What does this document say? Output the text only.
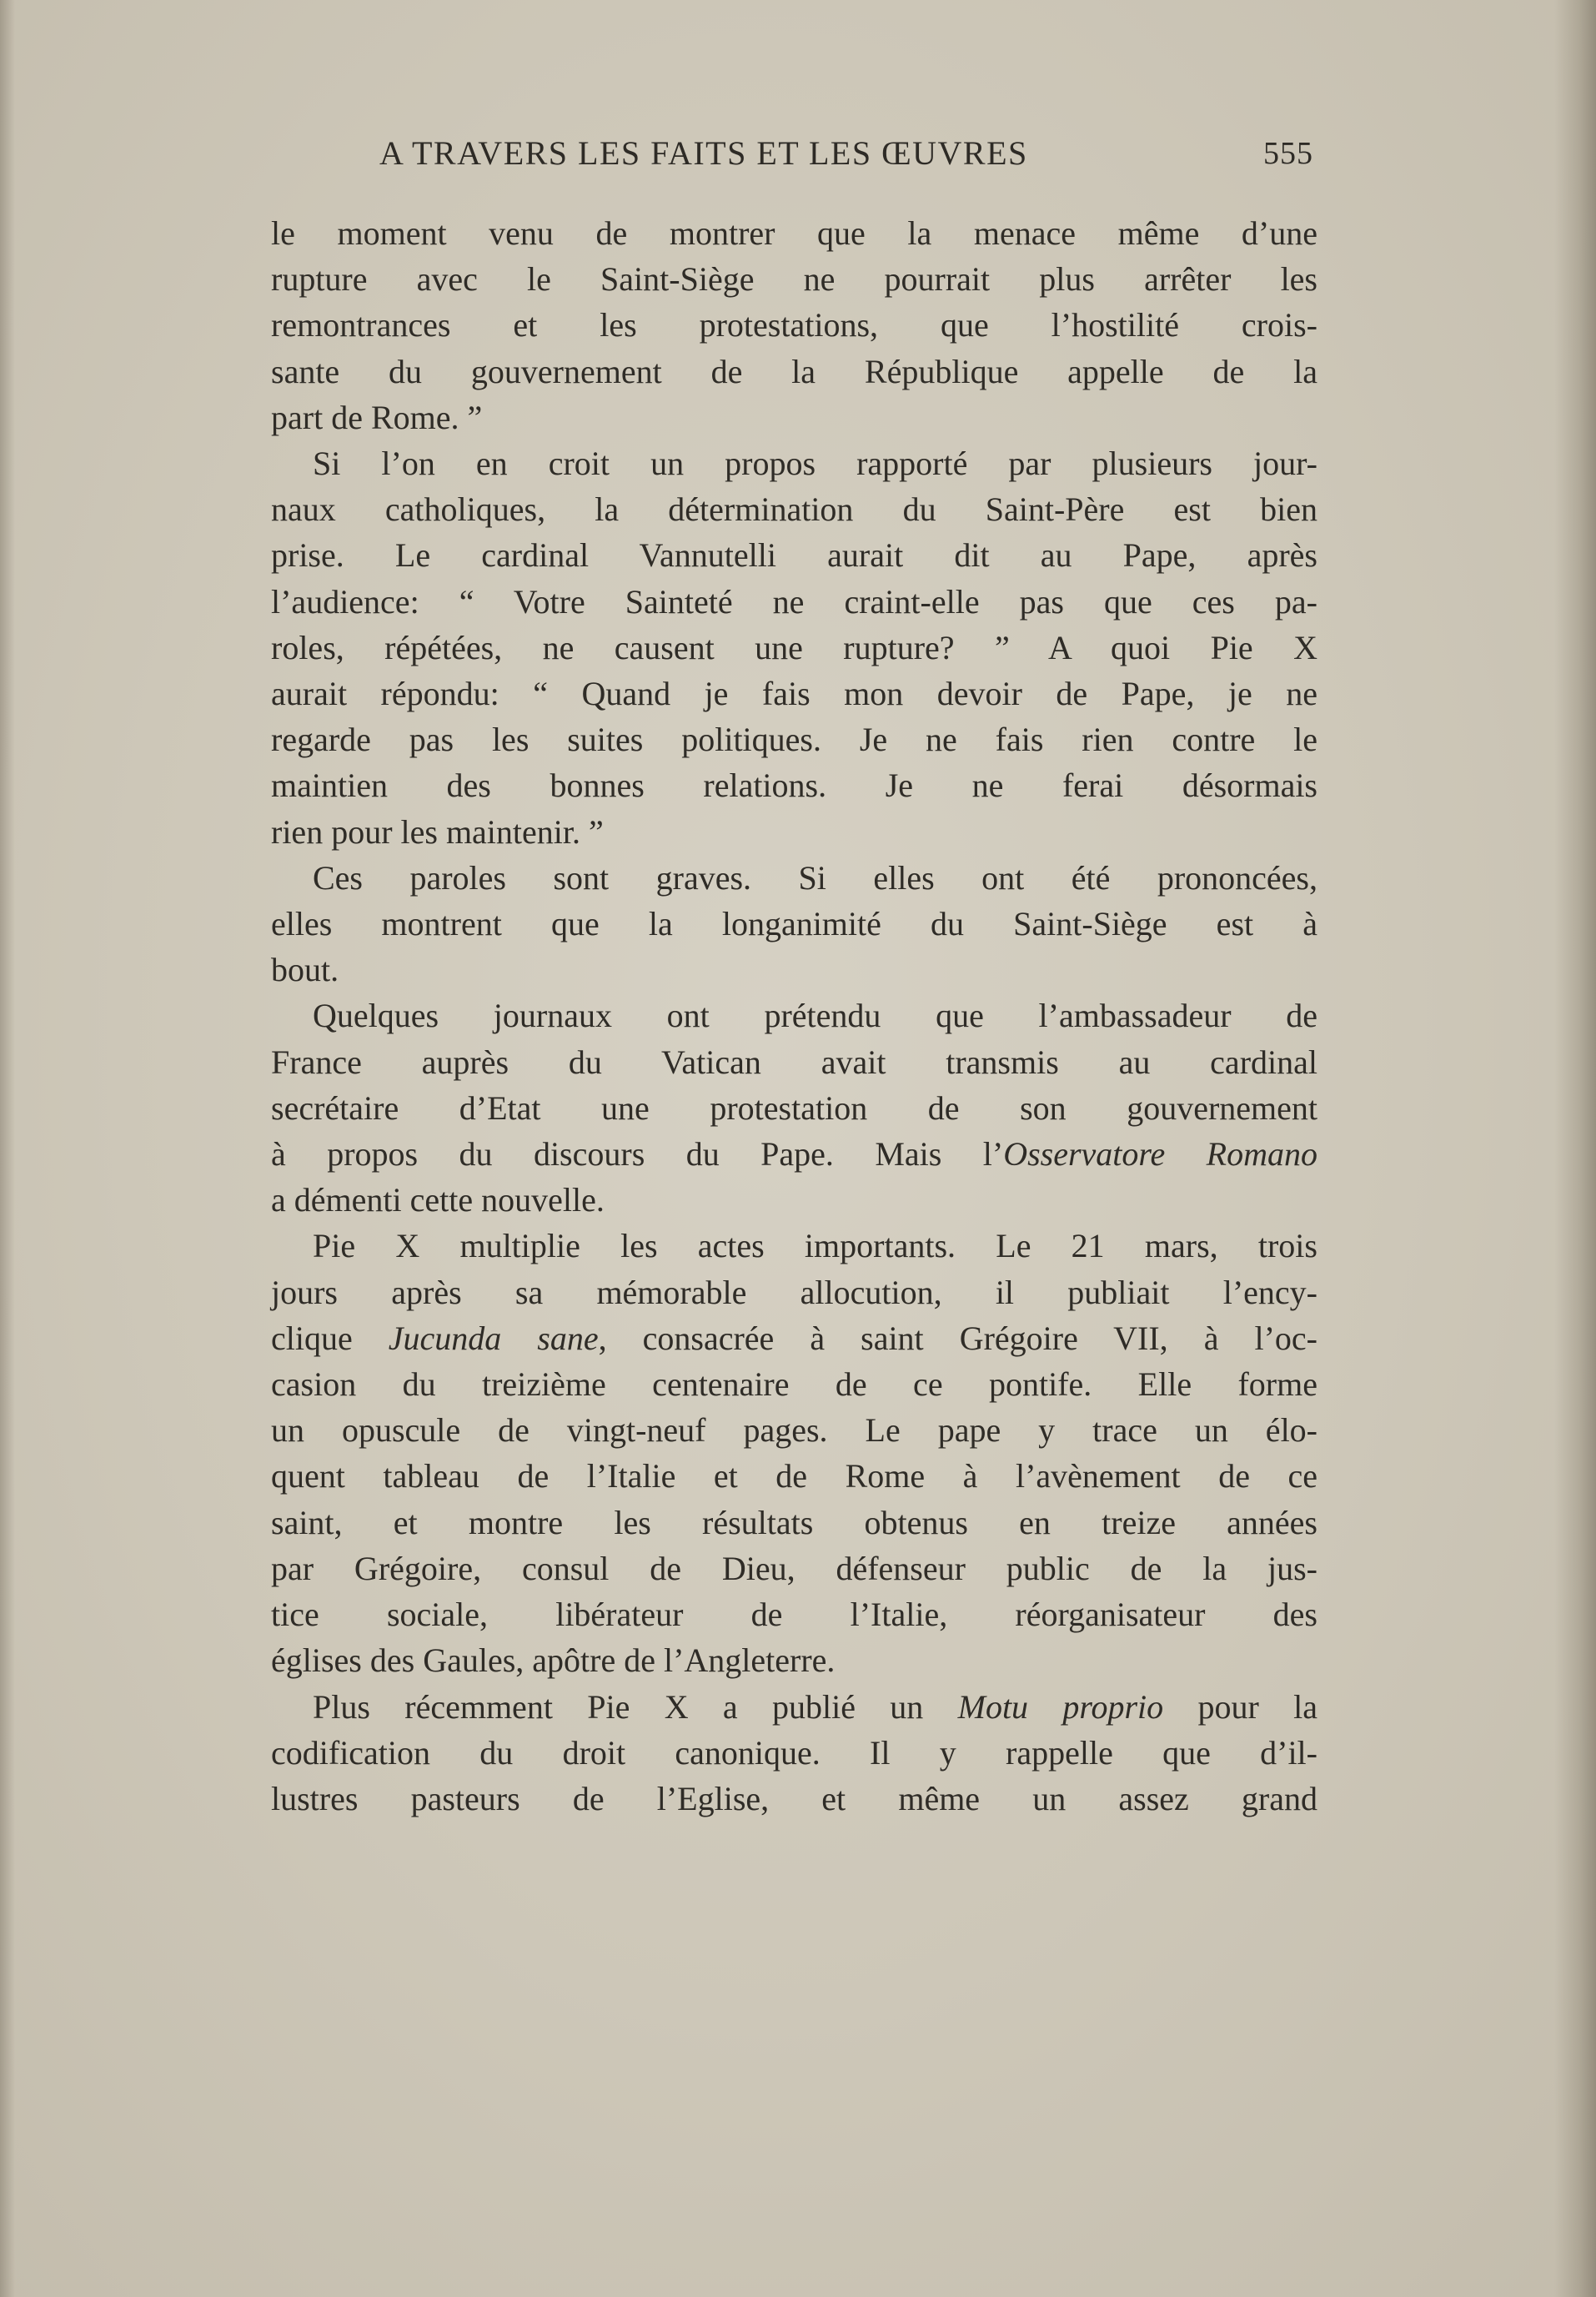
A TRAVERS LES FAITS ET LES ŒUVRES	555
le moment venu de montrer que la menace même d’une
rupture avec le Saint-Siège ne pourrait plus arrêter les
remontrances et les protestations, que l’hostilité crois-
sante du gouvernement de la République appelle de la
part de Rome. ”
Si l’on en croit un propos rapporté par plusieurs jour-
naux catholiques, la détermination du Saint-Père est bien
prise. Le cardinal Vannutelli aurait dit au Pape, après
l’audience: “ Votre Sainteté ne craint-elle pas que ces pa-
roles, répétées, ne causent une rupture? ” A quoi Pie X
aurait répondu: “ Quand je fais mon devoir de Pape, je ne
regarde pas les suites politiques. Je ne fais rien contre le
maintien des bonnes relations. Je ne ferai désormais
rien pour les maintenir. ”
Ces paroles sont graves. Si elles ont été prononcées,
elles montrent que la longanimité du Saint-Siège est à
bout.
Quelques journaux ont prétendu que l’ambassadeur de
France auprès du Vatican avait transmis au cardinal
secrétaire d’Etat une protestation de son gouvernement
à propos du discours du Pape. Mais l’Osservatore Romano
a démenti cette nouvelle.
Pie X multiplie les actes importants. Le 21 mars, trois
jours après sa mémorable allocution, il publiait l’ency-
clique Jucunda sane, consacrée à saint Grégoire VII, à l’oc-
casion du treizième centenaire de ce pontife. Elle forme
un opuscule de vingt-neuf pages. Le pape y trace un élo-
quent tableau de l’Italie et de Rome à l’avènement de ce
saint, et montre les résultats obtenus en treize années
par Grégoire, consul de Dieu, défenseur public de la jus-
tice sociale, libérateur de l’Italie, réorganisateur des
églises des Gaules, apôtre de l’Angleterre.
Plus récemment Pie X a publié un Motu proprio pour la
codification du droit canonique. Il y rappelle que d’il-
lustres pasteurs de l’Eglise, et même un assez grand
